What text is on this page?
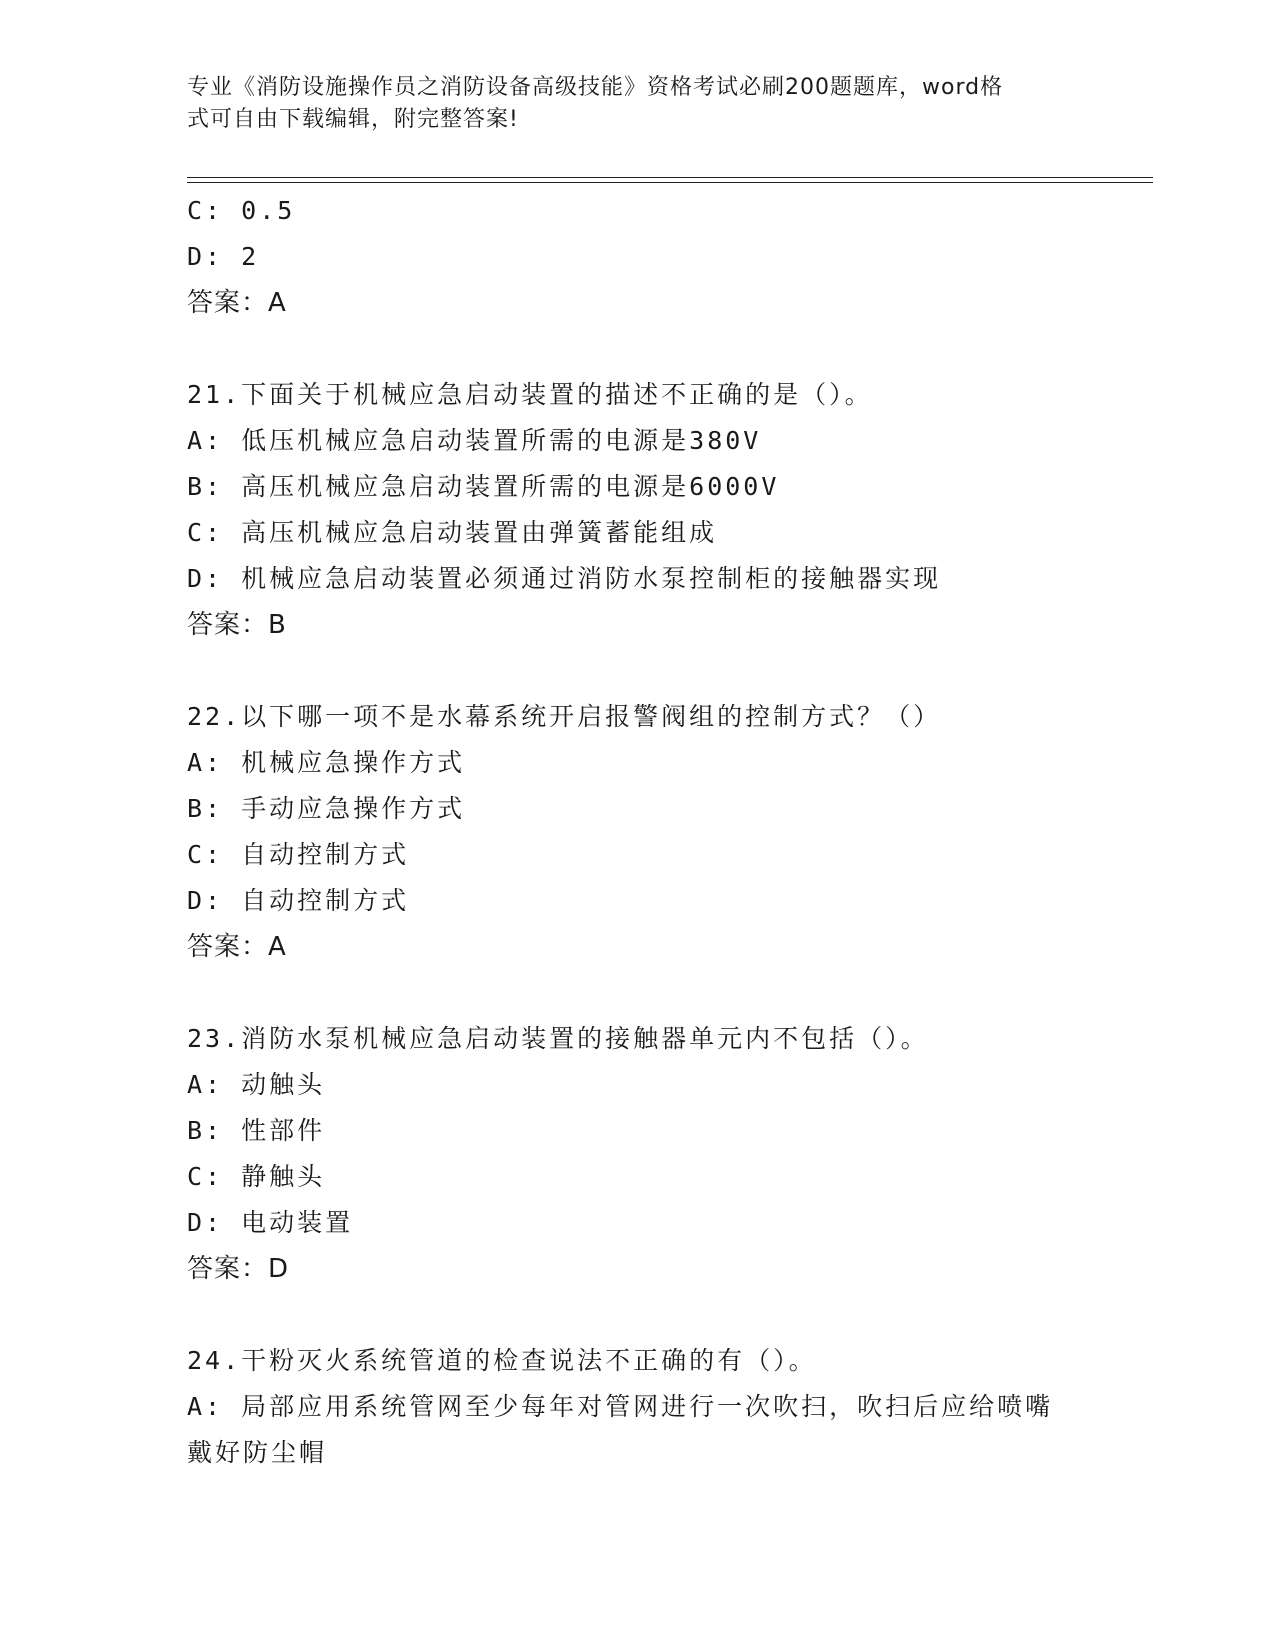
专业《消防设施操作员之消防设备高级技能》资格考试必刷200题题库，word格
式可自由下载编辑，附完整答案!
C: 0.5
D: 2
答案：A
21.下面关于机械应急启动装置的描述不正确的是（）。
A: 低压机械应急启动装置所需的电源是380V
B: 高压机械应急启动装置所需的电源是6000V
C: 高压机械应急启动装置由弹簧蓄能组成
D: 机械应急启动装置必须通过消防水泵控制柜的接触器实现
答案：B
22.以下哪一项不是水幕系统开启报警阀组的控制方式？（）
A: 机械应急操作方式
B: 手动应急操作方式
C: 自动控制方式
D: 自动控制方式
答案：A
23.消防水泵机械应急启动装置的接触器单元内不包括（）。
A: 动触头
B: 性部件
C: 静触头
D: 电动装置
答案：D
24.干粉灭火系统管道的检查说法不正确的有（）。
A: 局部应用系统管网至少每年对管网进行一次吹扫，吹扫后应给喷嘴
戴好防尘帽
